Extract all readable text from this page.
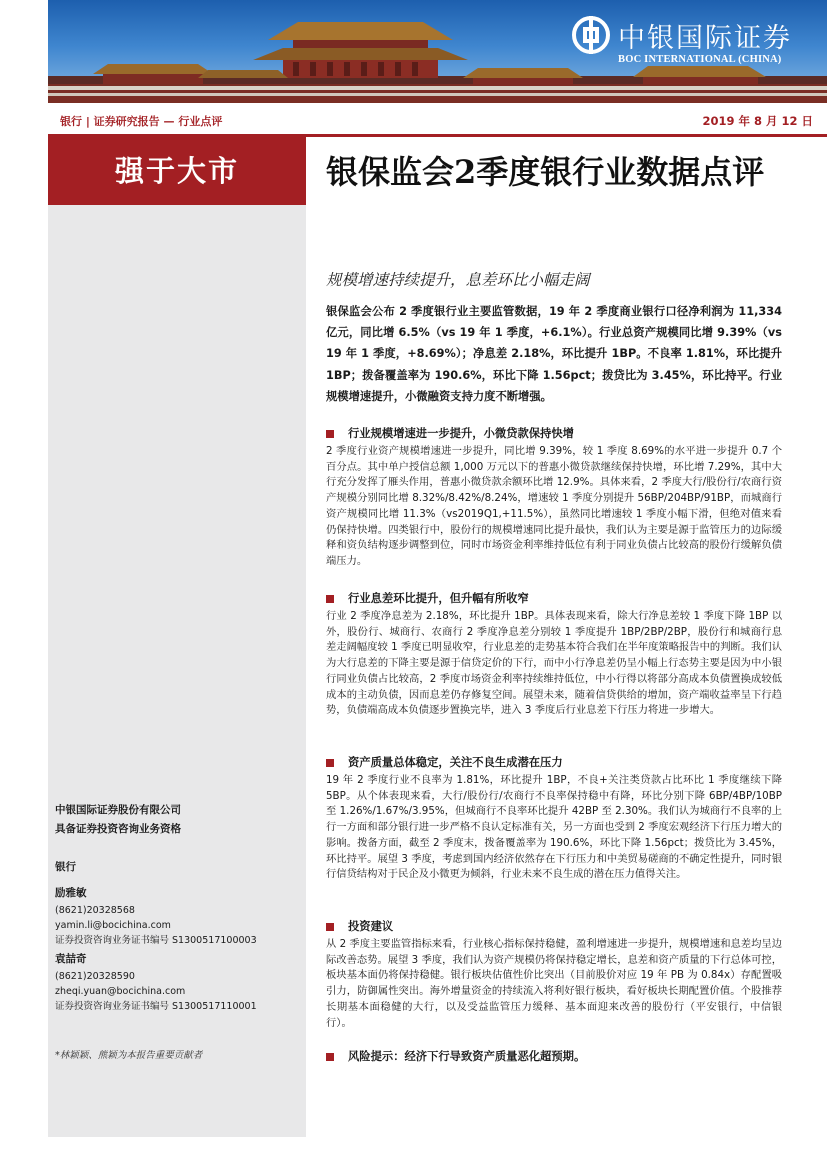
中银国际证券
BOC INTERNATIONAL (CHINA)
银行 | 证券研究报告 — 行业点评	2019 年 8 月 12 日
强于大市
中银国际证券股份有限公司
具备证券投资咨询业务资格
银行
励雅敏
(8621)20328568
yamin.li@bocichina.com
证券投资咨询业务证书编号 S1300517100003
袁喆奇
(8621)20328590
zheqi.yuan@bocichina.com
证券投资咨询业务证书编号 S1300517110001
*林颖颖、熊颖为本报告重要贡献者
银保监会2季度银行业数据点评
规模增速持续提升，息差环比小幅走阔

银保监会公布 2 季度银行业主要监管数据，19 年 2 季度商业银行口径净利润为 11,334 亿元，同比增 6.5%（vs 19 年 1 季度，+6.1%）。行业总资产规模同比增 9.39%（vs 19 年 1 季度，+8.69%）；净息差 2.18%，环比提升 1BP。不良率 1.81%，环比提升 1BP；拨备覆盖率为 190.6%，环比下降 1.56pct；拨贷比为 3.45%，环比持平。行业规模增速提升，小微融资支持力度不断增强。

行业规模增速进一步提升，小微贷款保持快增

2 季度行业资产规模增速进一步提升，同比增 9.39%，较 1 季度 8.69%的水平进一步提升 0.7 个百分点。其中单户授信总额 1,000 万元以下的普惠小微贷款继续保持快增，环比增 7.29%，其中大行充分发挥了雁头作用，普惠小微贷款余额环比增 12.9%。具体来看，2 季度大行/股份行/农商行资产规模分别同比增 8.32%/8.42%/8.24%，增速较 1 季度分别提升 56BP/204BP/91BP，而城商行资产规模同比增 11.3%（vs2019Q1,+11.5%），虽然同比增速较 1 季度小幅下滑，但绝对值来看仍保持快增。四类银行中，股份行的规模增速同比提升最快，我们认为主要是源于监管压力的边际缓释和资负结构逐步调整到位，同时市场资金利率维持低位有利于同业负债占比较高的股份行缓解负债端压力。

行业息差环比提升，但升幅有所收窄

行业 2 季度净息差为 2.18%，环比提升 1BP。具体表现来看，除大行净息差较 1 季度下降 1BP 以外，股份行、城商行、农商行 2 季度净息差分别较 1 季度提升 1BP/2BP/2BP，股份行和城商行息差走阔幅度较 1 季度已明显收窄，行业息差的走势基本符合我们在半年度策略报告中的判断。我们认为大行息差的下降主要是源于信贷定价的下行，而中小行净息差仍呈小幅上行态势主要是因为中小银行同业负债占比较高，2 季度市场资金利率持续维持低位，中小行得以将部分高成本负债置换成较低成本的主动负债，因而息差仍存修复空间。展望未来，随着信贷供给的增加，资产端收益率呈下行趋势，负债端高成本负债逐步置换完毕，进入 3 季度后行业息差下行压力将进一步增大。

资产质量总体稳定，关注不良生成潜在压力

19 年 2 季度行业不良率为 1.81%，环比提升 1BP，不良+关注类贷款占比环比 1 季度继续下降 5BP。从个体表现来看，大行/股份行/农商行不良率保持稳中有降，环比分别下降 6BP/4BP/10BP 至 1.26%/1.67%/3.95%，但城商行不良率环比提升 42BP 至 2.30%。我们认为城商行不良率的上行一方面和部分银行进一步严格不良认定标准有关，另一方面也受到 2 季度宏观经济下行压力增大的影响。拨备方面，截至 2 季度末，拨备覆盖率为 190.6%，环比下降 1.56pct；拨贷比为 3.45%，环比持平。展望 3 季度，考虑到国内经济依然存在下行压力和中美贸易磋商的不确定性提升，同时银行信贷结构对于民企及小微更为倾斜，行业未来不良生成的潜在压力值得关注。

投资建议

从 2 季度主要监管指标来看，行业核心指标保持稳健，盈利增速进一步提升，规模增速和息差均呈边际改善态势。展望 3 季度，我们认为资产规模仍将保持稳定增长，息差和资产质量的下行总体可控，板块基本面仍将保持稳健。银行板块估值性价比突出（目前股价对应 19 年 PB 为 0.84x）存配置吸引力，防御属性突出。海外增量资金的持续流入将利好银行板块，看好板块长期配置价值。个股推荐长期基本面稳健的大行，以及受益监管压力缓释、基本面迎来改善的股份行（平安银行，中信银行）。

风险提示：经济下行导致资产质量恶化超预期。
